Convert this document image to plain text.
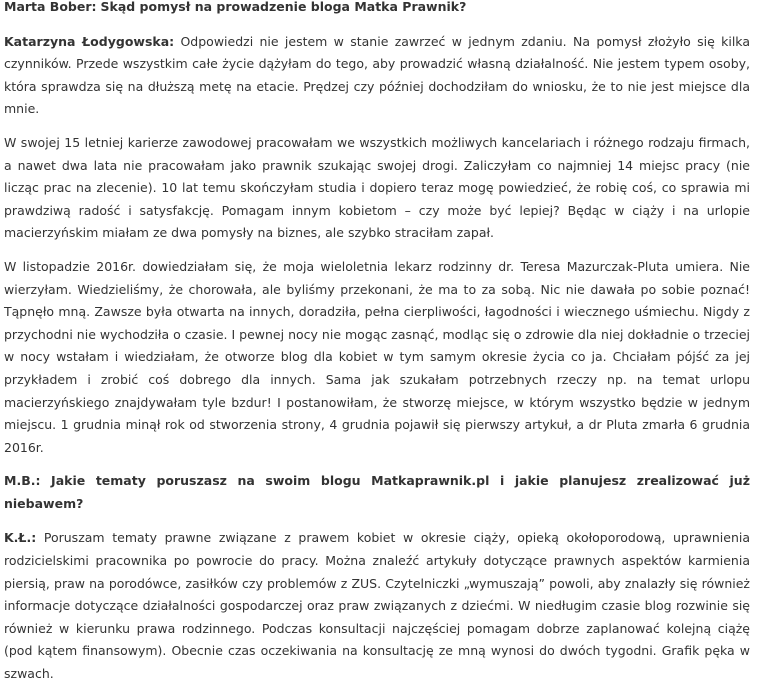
Marta Bober: Skąd pomysł na prowadzenie bloga Matka Prawnik?

Katarzyna Łodygowska: Odpowiedzi nie jestem w stanie zawrzeć w jednym zdaniu. Na pomysł złożyło się kilka czynników. Przede wszystkim całe życie dążyłam do tego, aby prowadzić własną działalność. Nie jestem typem osoby, która sprawdza się na dłuższą metę na etacie. Prędzej czy później dochodziłam do wniosku, że to nie jest miejsce dla mnie.

W swojej 15 letniej karierze zawodowej pracowałam we wszystkich możliwych kancelariach i różnego rodzaju firmach, a nawet dwa lata nie pracowałam jako prawnik szukając swojej drogi. Zaliczyłam co najmniej 14 miejsc pracy (nie licząc prac na zlecenie). 10 lat temu skończyłam studia i dopiero teraz mogę powiedzieć, że robię coś, co sprawia mi prawdziwą radość i satysfakcję. Pomagam innym kobietom – czy może być lepiej? Będąc w ciąży i na urlopie macierzyńskim miałam ze dwa pomysły na biznes, ale szybko straciłam zapał.

W listopadzie 2016r. dowiedziałam się, że moja wieloletnia lekarz rodzinny dr. Teresa Mazurczak-Pluta umiera. Nie wierzyłam. Wiedzieliśmy, że chorowała, ale byliśmy przekonani, że ma to za sobą. Nic nie dawała po sobie poznać! Tąpnęło mną. Zawsze była otwarta na innych, doradziła, pełna cierpliwości, łagodności i wiecznego uśmiechu. Nigdy z przychodni nie wychodziła o czasie. I pewnej nocy nie mogąc zasnąć, modląc się o zdrowie dla niej dokładnie o trzeciej w nocy wstałam i wiedziałam, że otworze blog dla kobiet w tym samym okresie życia co ja. Chciałam pójść za jej przykładem i zrobić coś dobrego dla innych. Sama jak szukałam potrzebnych rzeczy np. na temat urlopu macierzyńskiego znajdywałam tyle bzdur! I postanowiłam, że stworzę miejsce, w którym wszystko będzie w jednym miejscu. 1 grudnia minął rok od stworzenia strony, 4 grudnia pojawił się pierwszy artykuł, a dr Pluta zmarła 6 grudnia 2016r.

M.B.: Jakie tematy poruszasz na swoim blogu Matkaprawnik.pl i jakie planujesz zrealizować już niebawem?

K.Ł.: Poruszam tematy prawne związane z prawem kobiet w okresie ciąży, opieką okołoporodową, uprawnienia rodzicielskimi pracownika po powrocie do pracy. Można znaleźć artykuły dotyczące prawnych aspektów karmienia piersią, praw na porodówce, zasiłków czy problemów z ZUS. Czytelniczki „wymuszają” powoli, aby znalazły się również informacje dotyczące działalności gospodarczej oraz praw związanych z dziećmi. W niedługim czasie blog rozwinie się również w kierunku prawa rodzinnego. Podczas konsultacji najczęściej pomagam dobrze zaplanować kolejną ciążę (pod kątem finansowym). Obecnie czas oczekiwania na konsultację ze mną wynosi do dwóch tygodni. Grafik pęka w szwach.
